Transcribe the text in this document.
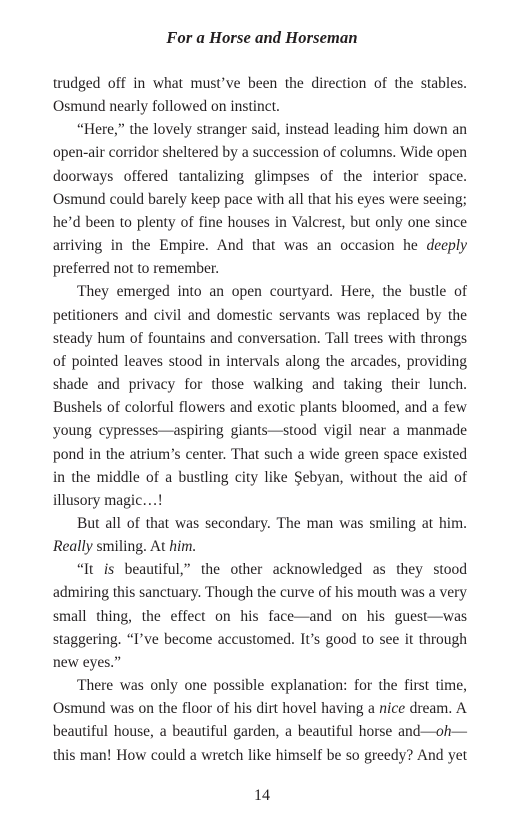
For a Horse and Horseman

trudged off in what must’ve been the direction of the stables. Osmund nearly followed on instinct.

“Here,” the lovely stranger said, instead leading him down an open-air corridor sheltered by a succession of columns. Wide open doorways offered tantalizing glimpses of the interior space. Osmund could barely keep pace with all that his eyes were seeing; he’d been to plenty of fine houses in Valcrest, but only one since arriving in the Empire. And that was an occasion he deeply preferred not to remember.

They emerged into an open courtyard. Here, the bustle of petitioners and civil and domestic servants was replaced by the steady hum of fountains and conversation. Tall trees with throngs of pointed leaves stood in intervals along the arcades, providing shade and privacy for those walking and taking their lunch. Bushels of colorful flowers and exotic plants bloomed, and a few young cypresses—aspiring giants—stood vigil near a manmade pond in the atrium’s center. That such a wide green space existed in the middle of a bustling city like Şebyan, without the aid of illusory magic…!

But all of that was secondary. The man was smiling at him. Really smiling. At him.

“It is beautiful,” the other acknowledged as they stood admiring this sanctuary. Though the curve of his mouth was a very small thing, the effect on his face—and on his guest—was staggering. “I’ve become accustomed. It’s good to see it through new eyes.”

There was only one possible explanation: for the first time, Osmund was on the floor of his dirt hovel having a nice dream. A beautiful house, a beautiful garden, a beautiful horse and—oh— this man! How could a wretch like himself be so greedy? And yet

14
